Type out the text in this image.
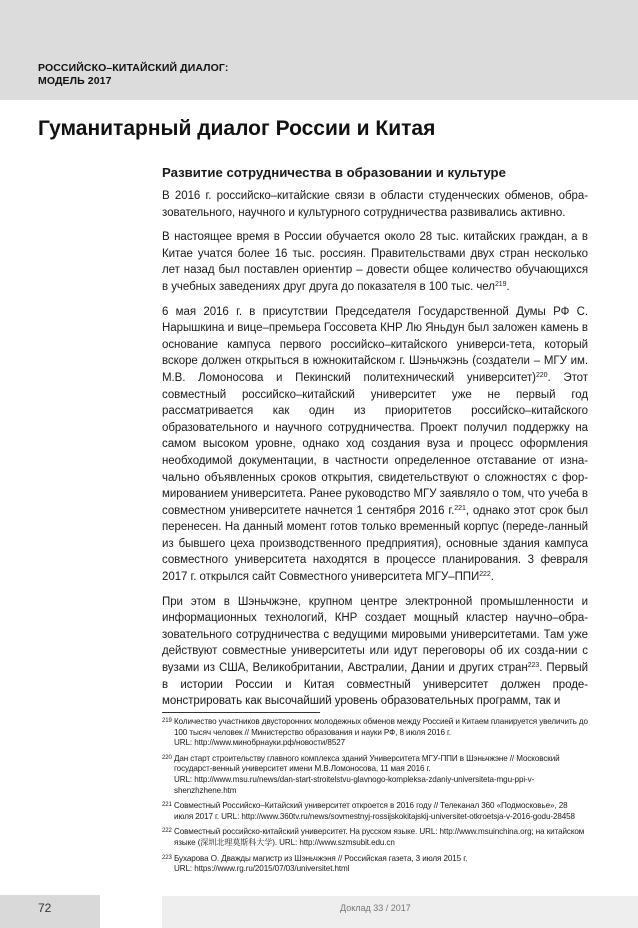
РОССИЙСКО–КИТАЙСКИЙ ДИАЛОГ:
МОДЕЛЬ 2017
Гуманитарный диалог России и Китая
Развитие сотрудничества в образовании и культуре

В 2016 г. российско–китайские связи в области студенческих обменов, обра-зовательного, научного и культурного сотрудничества развивались активно.

В настоящее время в России обучается около 28 тыс. китайских граждан, а в Китае учатся более 16 тыс. россиян. Правительствами двух стран несколько лет назад был поставлен ориентир – довести общее количество обучающихся в учебных заведениях друг друга до показателя в 100 тыс. чел$^{219}$.

6 мая 2016 г. в присутствии Председателя Государственной Думы РФ С. Нарышкина и вице–премьера Госсовета КНР Лю Яньдун был заложен камень в основание кампуса первого российско–китайского универси-тета, который вскоре должен открыться в южнокитайском г. Шэньчжэнь (создатели – МГУ им. М.В. Ломоносова и Пекинский политехнический университет)$^{220}$. Этот совместный российско–китайский университет уже не первый год рассматривается как один из приоритетов российско–китайского образовательного и научного сотрудничества. Проект получил поддержку на самом высоком уровне, однако ход создания вуза и процесс оформления необходимой документации, в частности определенное отставание от изна-чально объявленных сроков открытия, свидетельствуют о сложностях с фор-мированием университета. Ранее руководство МГУ заявляло о том, что учеба в совместном университете начнется 1 сентября 2016 г.$^{221}$, однако этот срок был перенесен. На данный момент готов только временный корпус (переде-ланный из бывшего цеха производственного предприятия), основные здания кампуса совместного университета находятся в процессе планирования. 3 февраля 2017 г. открылся сайт Совместного университета МГУ–ППИ$^{222}$.

При этом в Шэньчжэне, крупном центре электронной промышленности и информационных технологий, КНР создает мощный кластер научно–обра-зовательного сотрудничества с ведущими мировыми университетами. Там уже действуют совместные университеты или идут переговоры об их созда-нии с вузами из США, Великобритании, Австралии, Дании и других стран$^{223}$. Первый в истории России и Китая совместный университет должен проде-монстрировать как высочайший уровень образовательных программ, так и

219 Количество участников двусторонних молодежных обменов между Россией и Китаем планируется увеличить до 100 тысяч человек // Министерство образования и науки РФ, 8 июля 2016 г.
URL: http://www.минобрнауки.рф/новости/8527
220 Дан старт строительству главного комплекса зданий Университета МГУ-ППИ в Шэньчжэне // Московский государст-венный университет имени М.В.Ломоносова, 11 мая 2016 г.
URL: http://www.msu.ru/news/dan-start-stroitelstvu-glavnogo-kompleksa-zdaniy-universiteta-mgu-ppi-v-shenzhzhene.htm
221 Совместный Российско–Китайский университет откроется в 2016 году // Телеканал 360 «Подмосковье», 28 июля 2017 г. URL: http://www.360tv.ru/news/sovmestnyj-rossijskokitajskij-universitet-otkroetsja-v-2016-godu-28458
222 Совместный российско-китайский университет. На русском языке. URL: http://www.msuinchina.org; на китайском языке (深圳北理莫斯科大学). URL: http://www.szmsubit.edu.cn
223 Бухарова О. Дважды магистр из Шэньчжэня // Российская газета, 3 июля 2015 г.
URL: https://www.rg.ru/2015/07/03/universitet.html
72	Доклад 33 / 2017
